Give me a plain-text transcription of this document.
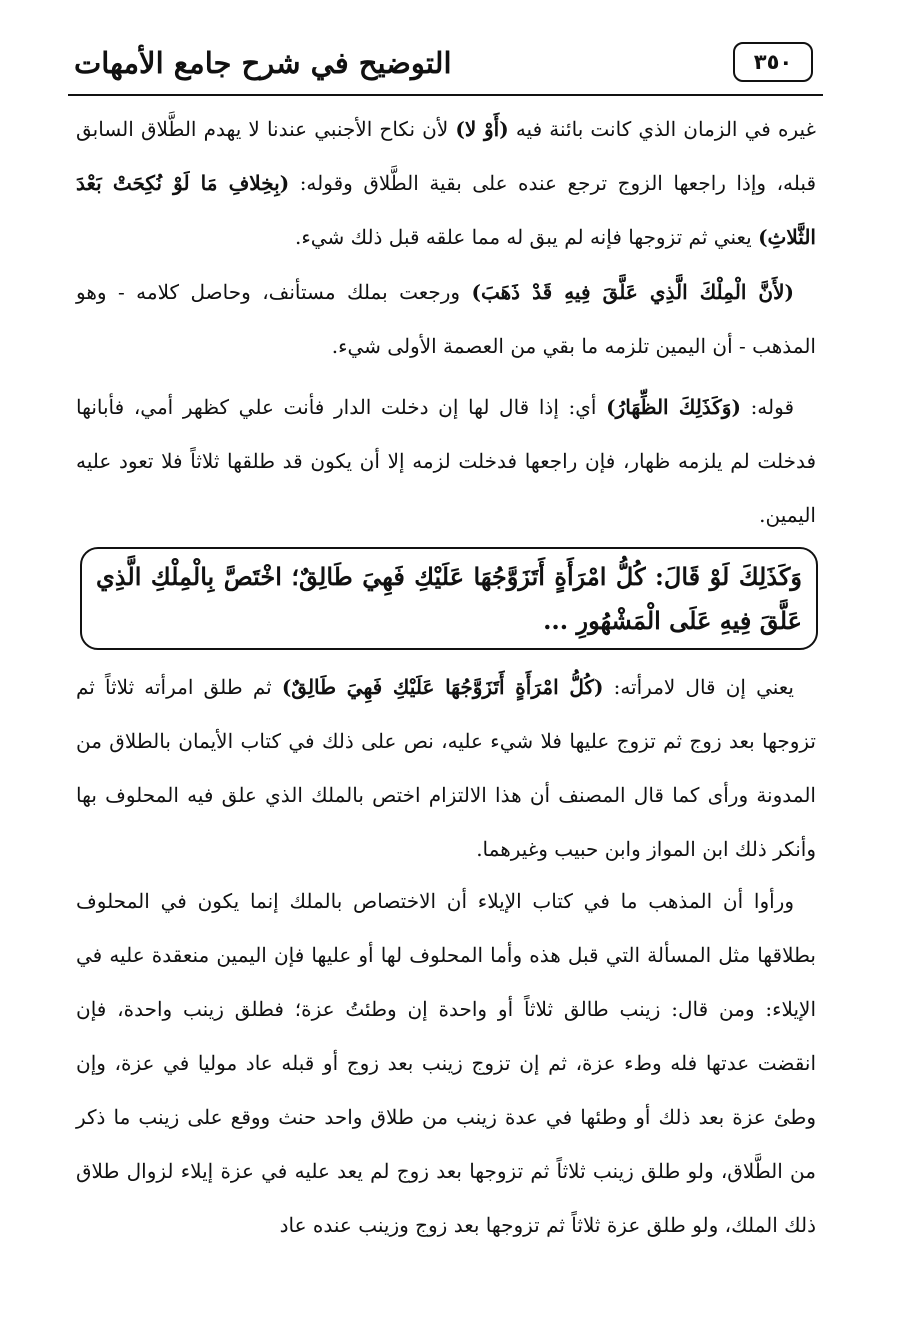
التوضيح في شرح جامع الأمهات	٣٥٠
غيره في الزمان الذي كانت بائنة فيه (أَوْ لا) لأن نكاح الأجنبي عندنا لا يهدم الطَّلاق السابق قبله، وإذا راجعها الزوج ترجع عنده على بقية الطَّلاق وقوله: (بِخِلافِ مَا لَوْ نُكِحَتْ بَعْدَ الثَّلاثِ) يعني ثم تزوجها فإنه لم يبق له مما علقه قبل ذلك شيء.
(لأَنَّ الْمِلْكَ الَّذِي عَلَّقَ فِيهِ قَدْ ذَهَبَ) ورجعت بملك مستأنف، وحاصل كلامه - وهو المذهب - أن اليمين تلزمه ما بقي من العصمة الأولى شيء.
قوله: (وَكَذَلِكَ الظِّهَارُ) أي: إذا قال لها إن دخلت الدار فأنت علي كظهر أمي، فأبانها فدخلت لم يلزمه ظهار، فإن راجعها فدخلت لزمه إلا أن يكون قد طلقها ثلاثاً فلا تعود عليه اليمين.
وَكَذَلِكَ لَوْ قَالَ: كُلُّ امْرَأَةٍ أَتَزَوَّجُهَا عَلَيْكِ فَهِيَ طَالِقٌ؛ اخْتَصَّ بِالْمِلْكِ الَّذِي عَلَّقَ فِيهِ عَلَى الْمَشْهُورِ ...
يعني إن قال لامرأته: (كُلُّ امْرَأَةٍ أَتَزَوَّجُهَا عَلَيْكِ فَهِيَ طَالِقٌ) ثم طلق امرأته ثلاثاً ثم تزوجها بعد زوج ثم تزوج عليها فلا شيء عليه، نص على ذلك في كتاب الأيمان بالطلاق من المدونة ورأى كما قال المصنف أن هذا الالتزام اختص بالملك الذي علق فيه المحلوف بها وأنكر ذلك ابن المواز وابن حبيب وغيرهما.
ورأوا أن المذهب ما في كتاب الإيلاء أن الاختصاص بالملك إنما يكون في المحلوف بطلاقها مثل المسألة التي قبل هذه وأما المحلوف لها أو عليها فإن اليمين منعقدة عليه في الإيلاء: ومن قال: زينب طالق ثلاثاً أو واحدة إن وطئتُ عزة؛ فطلق زينب واحدة، فإن انقضت عدتها فله وطء عزة، ثم إن تزوج زينب بعد زوج أو قبله عاد موليا في عزة، وإن وطئ عزة بعد ذلك أو وطئها في عدة زينب من طلاق واحد حنث ووقع على زينب ما ذكر من الطَّلاق، ولو طلق زينب ثلاثاً ثم تزوجها بعد زوج لم يعد عليه في عزة إيلاء لزوال طلاق ذلك الملك، ولو طلق عزة ثلاثاً ثم تزوجها بعد زوج وزينب عنده عاد
